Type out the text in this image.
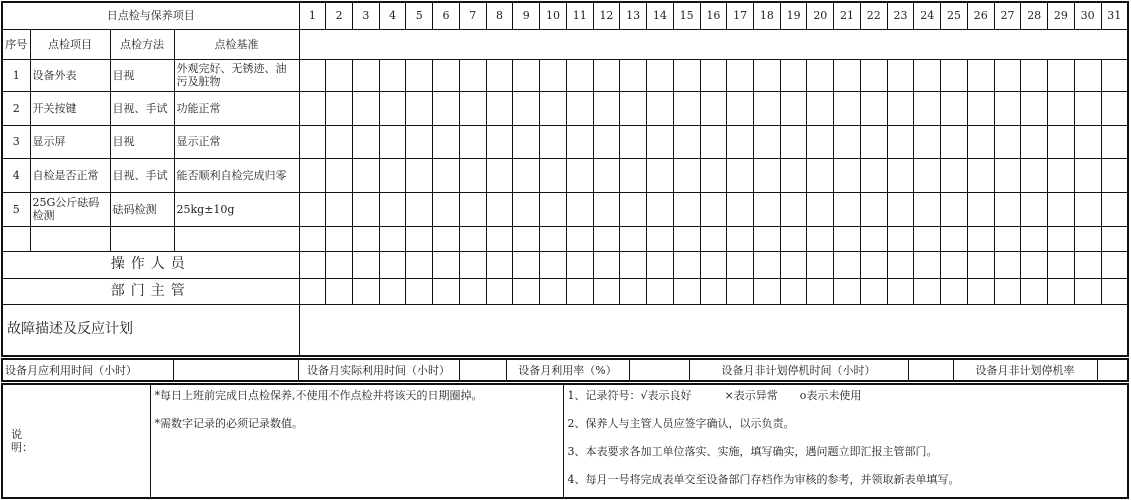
日点检与保养项目				1	2	3	4	5	6	7	8	9	10	11	12	13	14	15	16	17	18	19	20	21	22	23	24	25	26	27	28	29	30	31
序号	点检项目	点检方法	点检基准																															
1	设备外表	目视	外观完好、无锈迹、油污及脏物																															
2	开关按键	目视、手试	功能正常																															
3	显示屏	目视	显示正常																															
4	自检是否正常	目视、手试	能否顺利自检完成归零																															
5	25G公斤砝码检测	砝码检测	25kg±10g																															

操作人员																																		
部门主管																																		
故障描述及反应计划																																		
设备月应利用时间（小时）		设备月实际利用时间（小时）		设备月利用率（%）		设备月非计划停机时间（小时）		设备月非计划停机率	
说明：

*每日上班前完成日点检保养,不使用不作点检并将该天的日期圈掉。
*需数字记录的必须记录数值。

1、记录符号：√表示良好　　　×表示异常　　ο表示未使用
2、保养人与主管人员应签字确认，以示负责。
3、本表要求各加工单位落实、实施，填写确实，遇问题立即汇报主管部门。
4、每月一号将完成表单交至设备部门存档作为审核的参考，并领取新表单填写。
